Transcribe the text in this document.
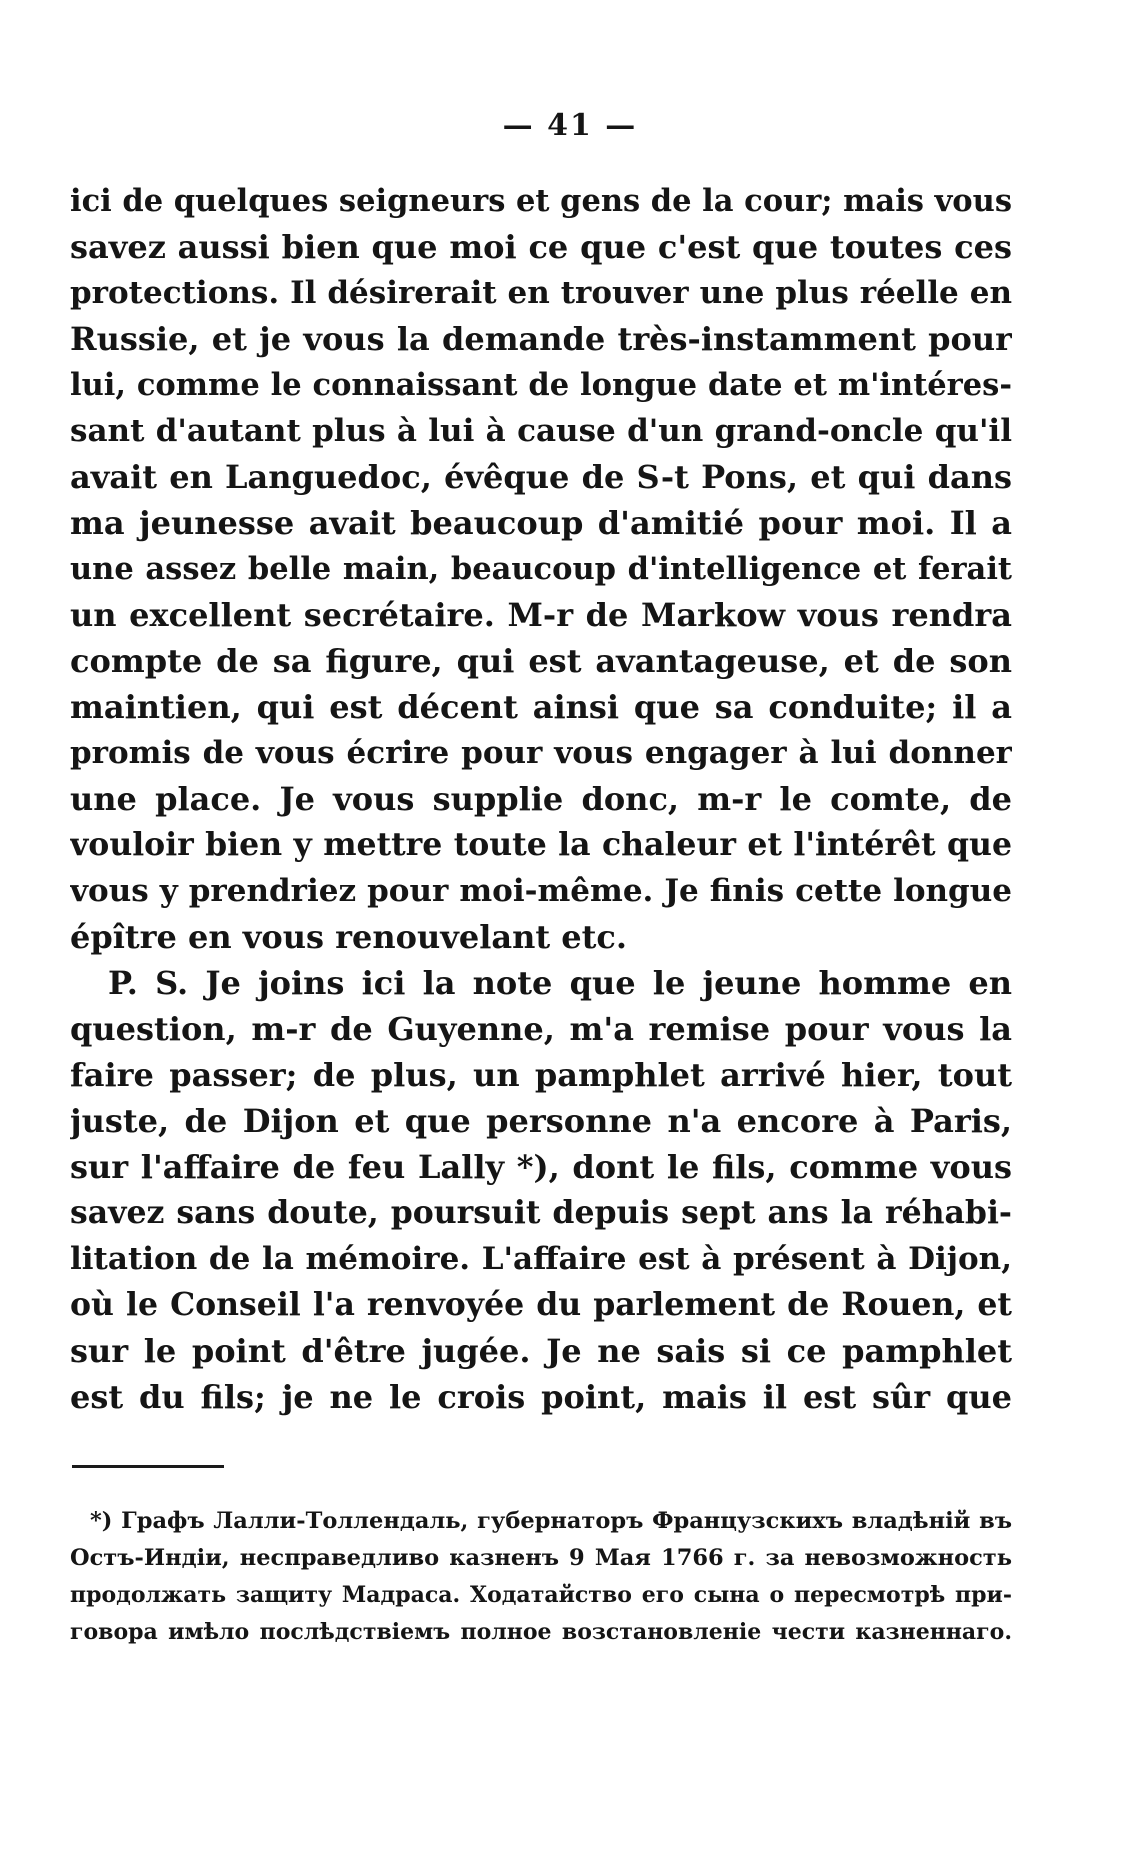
— 41 —
ici de quelques seigneurs et gens de la cour; mais vous
savez aussi bien que moi ce que c'est que toutes ces
protections. Il désirerait en trouver une plus réelle en
Russie, et je vous la demande très-instamment pour
lui, comme le connaissant de longue date et m'intéres-
sant d'autant plus à lui à cause d'un grand-oncle qu'il
avait en Languedoc, évêque de S-t Pons, et qui dans
ma jeunesse avait beaucoup d'amitié pour moi. Il a
une assez belle main, beaucoup d'intelligence et ferait
un excellent secrétaire. M-r de Markow vous rendra
compte de sa figure, qui est avantageuse, et de son
maintien, qui est décent ainsi que sa conduite; il a
promis de vous écrire pour vous engager à lui donner
une place. Je vous supplie donc, m-r le comte, de
vouloir bien y mettre toute la chaleur et l'intérêt que
vous y prendriez pour moi-même. Je finis cette longue
épître en vous renouvelant etc.
P. S. Je joins ici la note que le jeune homme en
question, m-r de Guyenne, m'a remise pour vous la
faire passer; de plus, un pamphlet arrivé hier, tout
juste, de Dijon et que personne n'a encore à Paris,
sur l'affaire de feu Lally *), dont le fils, comme vous
savez sans doute, poursuit depuis sept ans la réhabi-
litation de la mémoire. L'affaire est à présent à Dijon,
où le Conseil l'a renvoyée du parlement de Rouen, et
sur le point d'être jugée. Je ne sais si ce pamphlet
est du fils; je ne le crois point, mais il est sûr que
*) Графъ Лалли-Толлендаль, губернаторъ Французскихъ владѣній въ
Остъ-Индіи, несправедливо казненъ 9 Мая 1766 г. за невозможность
продолжать защиту Мадраса. Ходатайство его сына о пересмотрѣ при-
говора имѣло послѣдствіемъ полное возстановленіе чести казненнаго.
